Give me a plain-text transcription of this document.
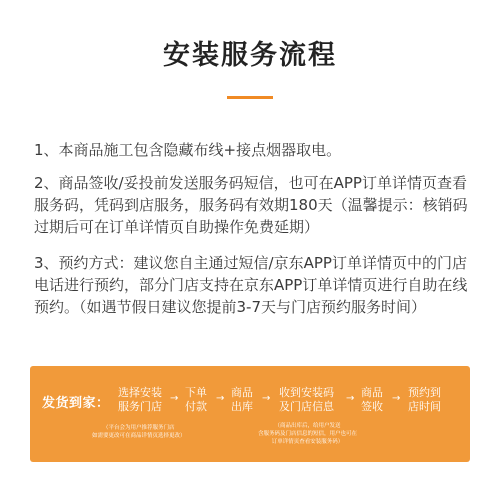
安装服务流程

1、本商品施工包含隐藏布线+接点烟器取电。

2、商品签收/妥投前发送服务码短信，也可在APP订单详情页查看服务码，凭码到店服务，服务码有效期180天（温馨提示：核销码过期后可在订单详情页自助操作免费延期）

3、预约方式：建议您自主通过短信/京东APP订单详情页中的门店电话进行预约，部分门店支持在京东APP订单详情页进行自助在线预约。（如遇节假日建议您提前3-7天与门店预约服务时间）

发货到家：
选择安装
服务门店
→ 下单
付款
→ 商品
出库
→ 收到安装码
及门店信息
→ 商品
签收
→ 预约到
店时间
（平台会为用户推荐服务门店
如需要更改可在商品详情页选择更改）
（商品出库后，给用户发送
含服务码及门店信息的短信，用户也可在
订单详情页查看安装服务码）
